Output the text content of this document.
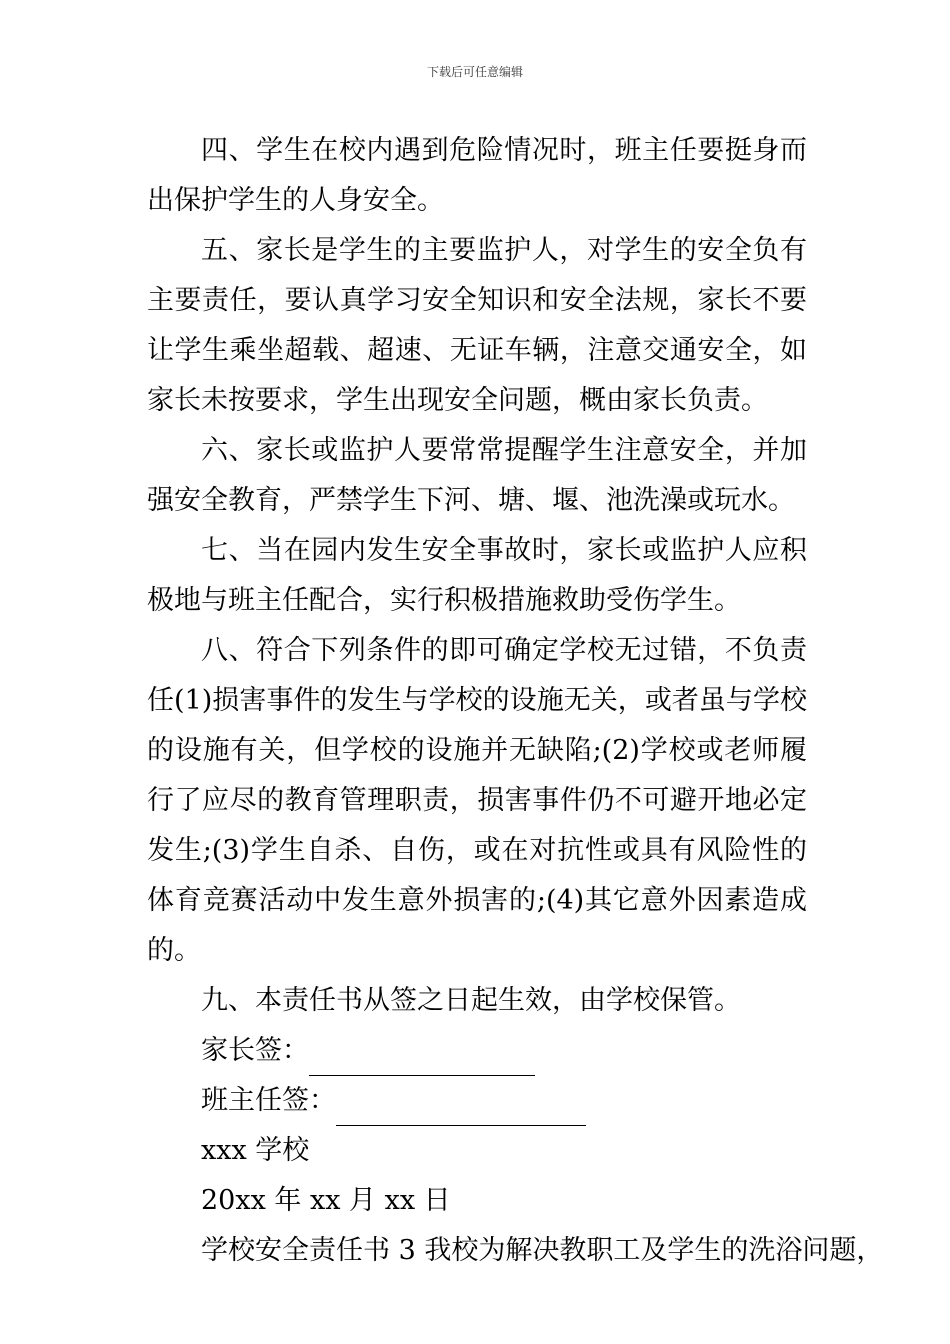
下载后可任意编辑

四、学生在校内遇到危险情况时，班主任要挺身而出保护学生的人身安全。

五、家长是学生的主要监护人，对学生的安全负有主要责任，要认真学习安全知识和安全法规，家长不要让学生乘坐超载、超速、无证车辆，注意交通安全，如家长未按要求，学生出现安全问题，概由家长负责。

六、家长或监护人要常常提醒学生注意安全，并加强安全教育，严禁学生下河、塘、堰、池洗澡或玩水。

七、当在园内发生安全事故时，家长或监护人应积极地与班主任配合，实行积极措施救助受伤学生。

八、符合下列条件的即可确定学校无过错，不负责任(1)损害事件的发生与学校的设施无关，或者虽与学校的设施有关，但学校的设施并无缺陷;(2)学校或老师履行了应尽的教育管理职责，损害事件仍不可避开地必定发生;(3)学生自杀、自伤，或在对抗性或具有风险性的体育竞赛活动中发生意外损害的;(4)其它意外因素造成的。

九、本责任书从签之日起生效，由学校保管。

家长签：

班主任签：

xxx 学校

20xx 年 xx 月 xx 日

学校安全责任书 3 我校为解决教职工及学生的洗浴问题，
